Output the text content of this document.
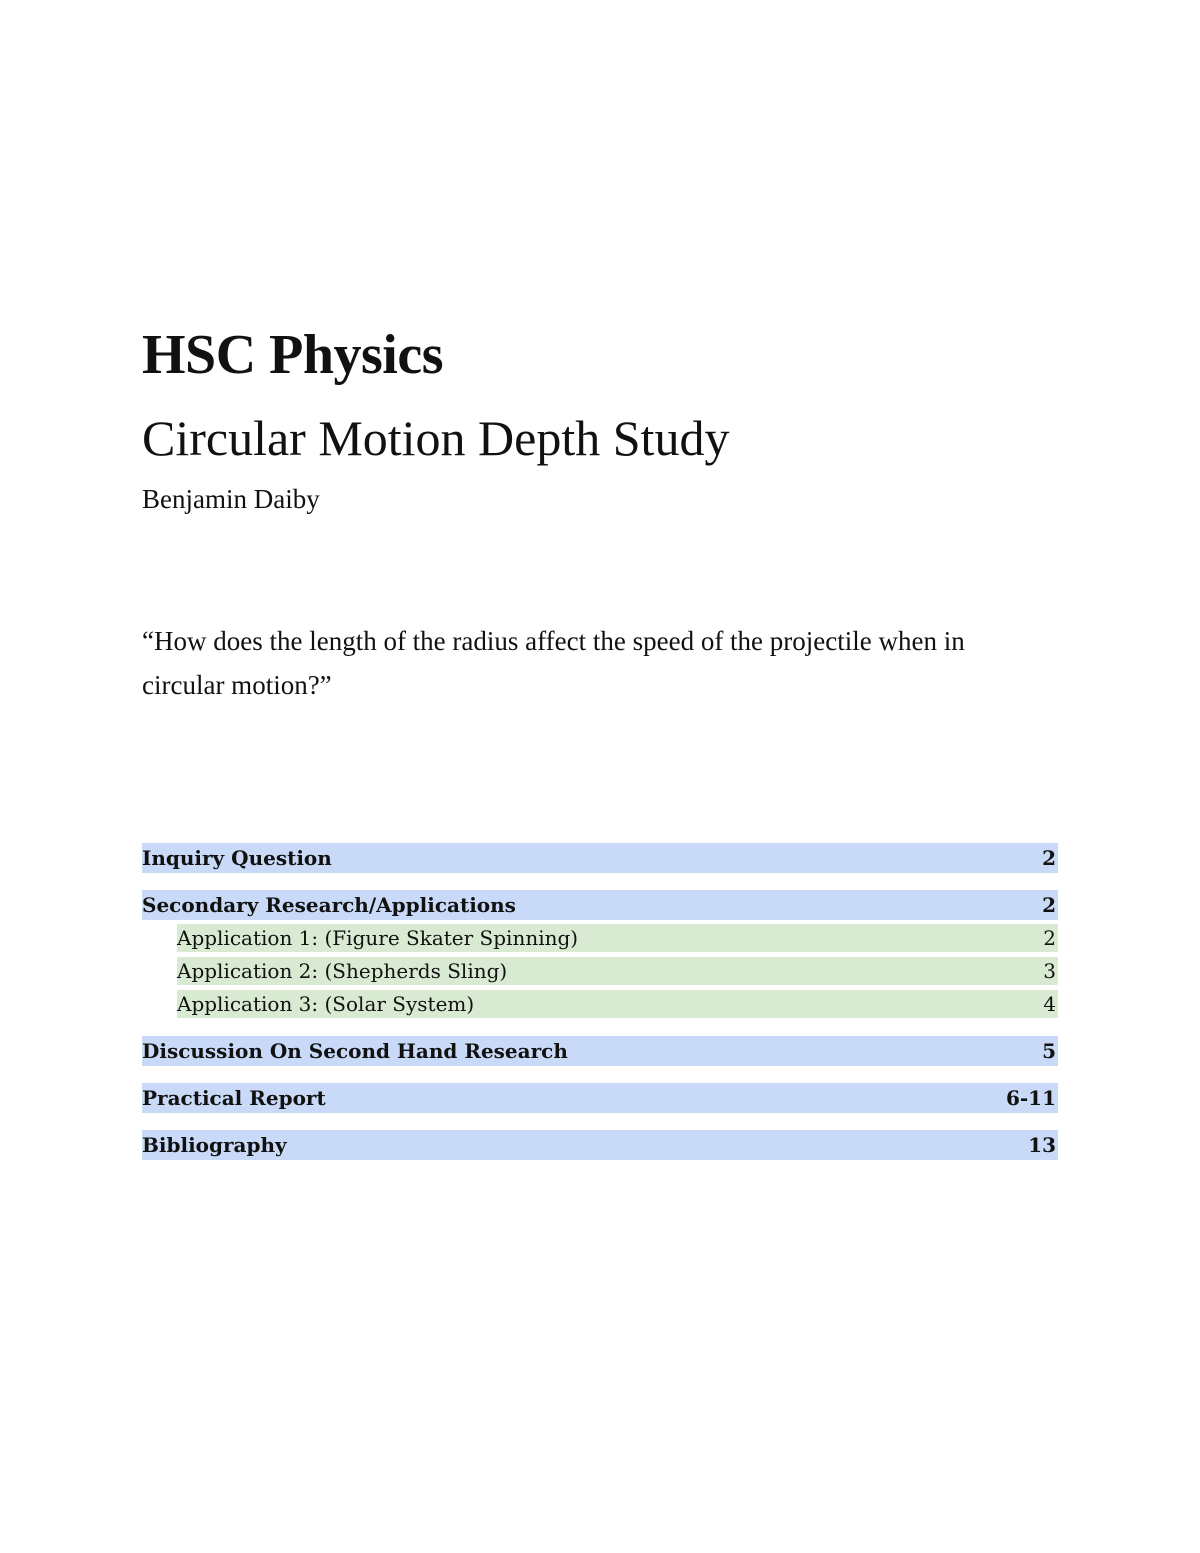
HSC Physics
Circular Motion Depth Study

Benjamin Daiby

“How does the length of the radius affect the speed of the projectile when in circular motion?”

Inquiry Question	2
Secondary Research/Applications	2
Application 1: (Figure Skater Spinning)	2
Application 2: (Shepherds Sling)	3
Application 3: (Solar System)	4
Discussion On Second Hand Research	5
Practical Report	6-11
Bibliography	13
